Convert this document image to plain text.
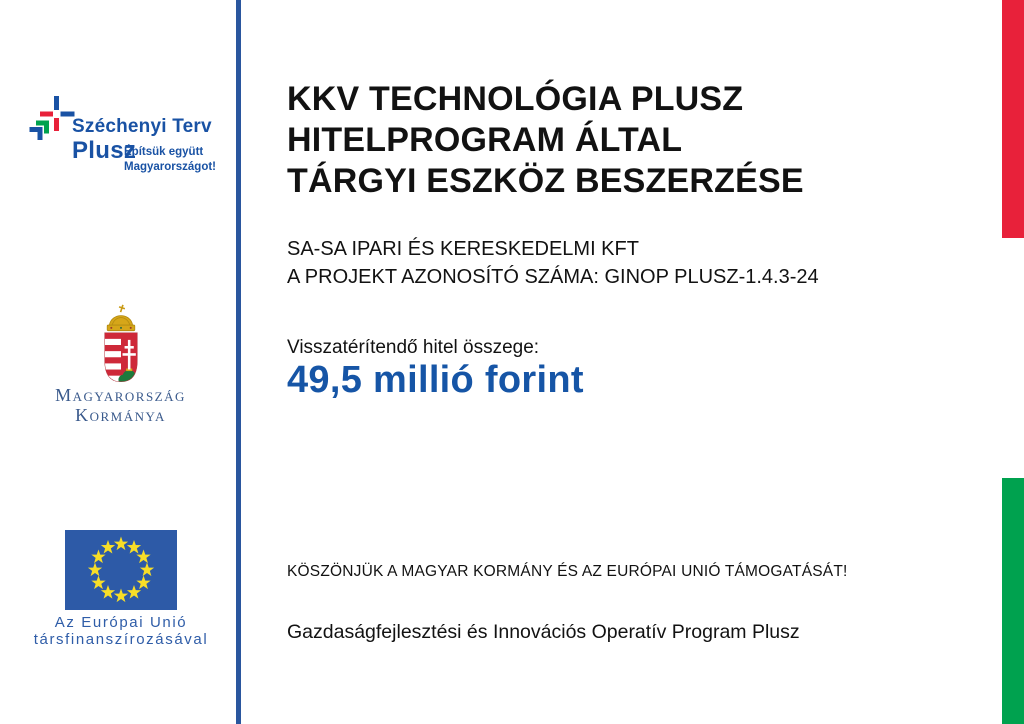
Széchenyi Terv
Plusz
Építsük együtt
Magyarországot!
Magyarország
Kormánya
Az Európai Unió
társfinanszírozásával
KKV TECHNOLÓGIA PLUSZ
HITELPROGRAM ÁLTAL
TÁRGYI ESZKÖZ BESZERZÉSE
SA-SA IPARI ÉS KERESKEDELMI KFT
A PROJEKT AZONOSÍTÓ SZÁMA: GINOP PLUSZ-1.4.3-24
Visszatérítendő hitel összege:
49,5 millió forint
KÖSZÖNJÜK A MAGYAR KORMÁNY ÉS AZ EURÓPAI UNIÓ TÁMOGATÁSÁT!
Gazdaságfejlesztési és Innovációs Operatív Program Plusz
